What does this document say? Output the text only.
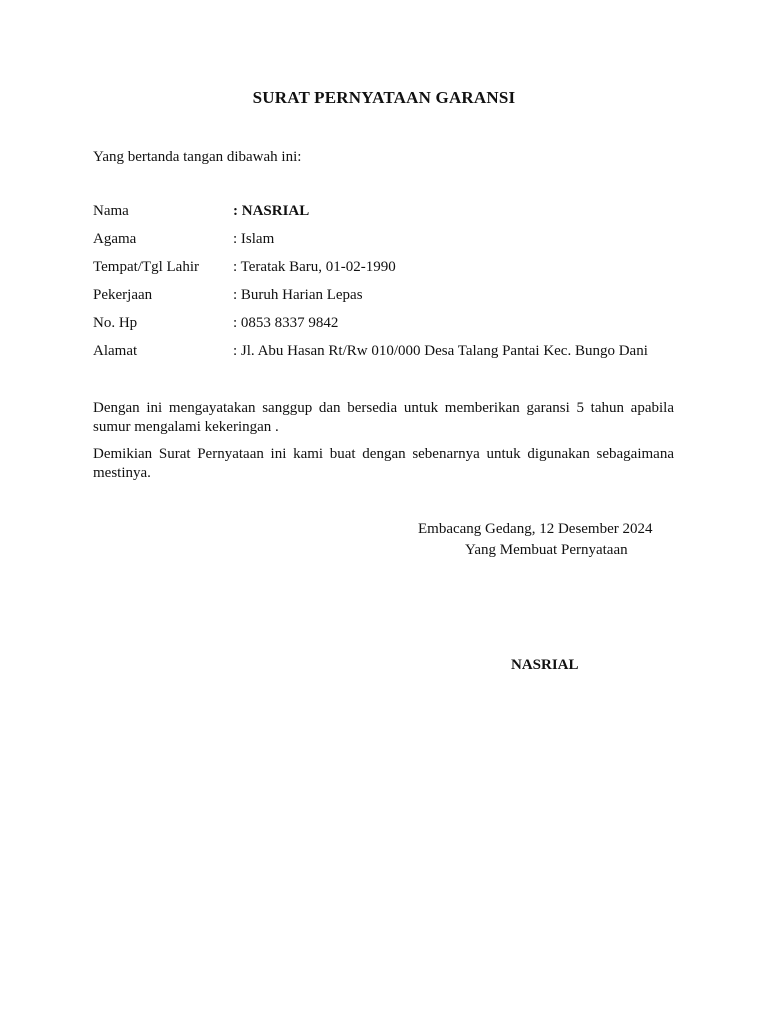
SURAT PERNYATAAN GARANSI
Yang bertanda tangan dibawah ini:
Nama	: NASRIAL
Agama	: Islam
Tempat/Tgl Lahir	: Teratak Baru, 01-02-1990
Pekerjaan	: Buruh Harian Lepas
No. Hp	: 0853 8337 9842
Alamat	: Jl. Abu Hasan Rt/Rw 010/000 Desa Talang Pantai Kec. Bungo Dani
Dengan ini mengayatakan sanggup dan bersedia untuk memberikan garansi 5 tahun apabila sumur mengalami kekeringan .
Demikian Surat Pernyataan ini kami buat dengan sebenarnya untuk digunakan sebagaimana mestinya.
Embacang Gedang, 12 Desember 2024
Yang Membuat Pernyataan
NASRIAL
